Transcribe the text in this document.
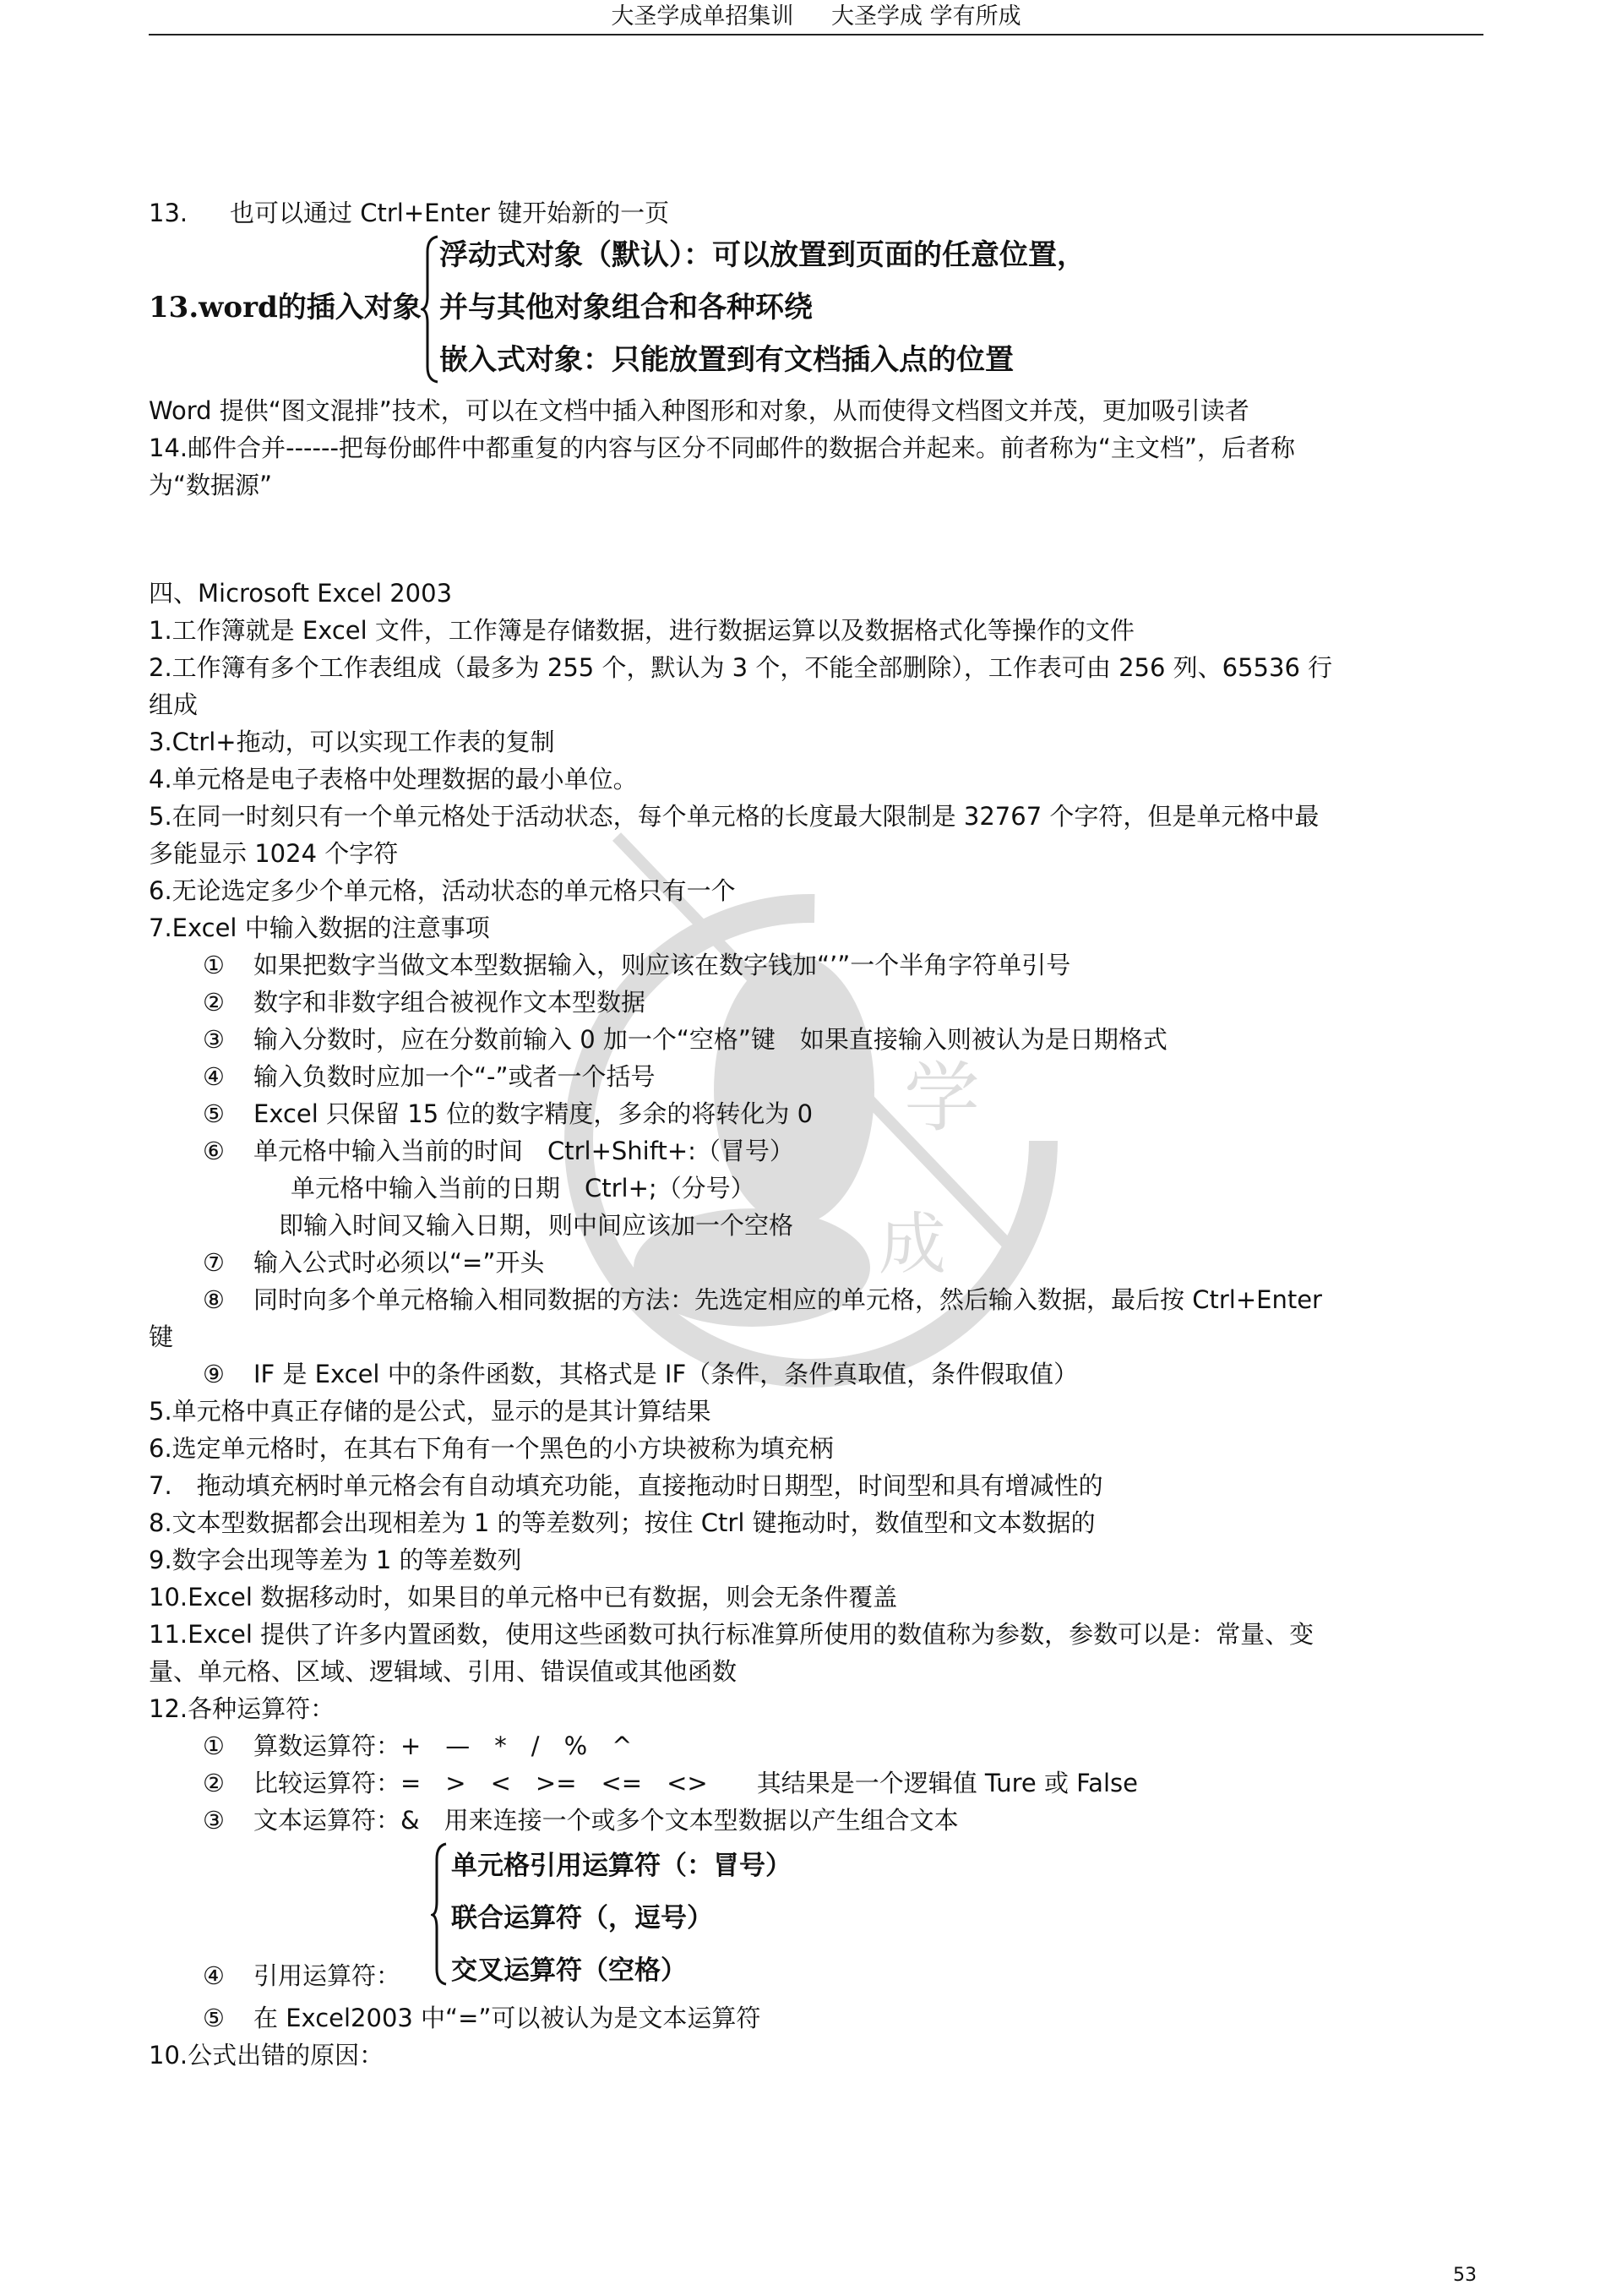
大圣学成单招集训 大圣学成 学有所成
学
成
13. 也可以通过 Ctrl+Enter 键开始新的一页
13.word的插入对象
浮动式对象（默认）：可以放置到页面的任意位置，
并与其他对象组合和各种环绕
嵌入式对象：只能放置到有文档插入点的位置
Word 提供“图文混排”技术，可以在文档中插入种图形和对象，从而使得文档图文并茂，更加吸引读者
14.邮件合并------把每份邮件中都重复的内容与区分不同邮件的数据合并起来。前者称为“主文档”，后者称
为“数据源”
四、Microsoft Excel 2003
1.工作簿就是 Excel 文件，工作簿是存储数据，进行数据运算以及数据格式化等操作的文件
2.工作簿有多个工作表组成（最多为 255 个，默认为 3 个，不能全部删除），工作表可由 256 列、65536 行
组成
3.Ctrl+拖动，可以实现工作表的复制
4.单元格是电子表格中处理数据的最小单位。
5.在同一时刻只有一个单元格处于活动状态，每个单元格的长度最大限制是 32767 个字符，但是单元格中最
多能显示 1024 个字符
6.无论选定多少个单元格，活动状态的单元格只有一个
7.Excel 中输入数据的注意事项
① 如果把数字当做文本型数据输入，则应该在数字钱加“’”一个半角字符单引号
② 数字和非数字组合被视作文本型数据
③ 输入分数时，应在分数前输入 0 加一个“空格”键　如果直接输入则被认为是日期格式
④ 输入负数时应加一个“-”或者一个括号
⑤ Excel 只保留 15 位的数字精度，多余的将转化为 0
⑥ 单元格中输入当前的时间　Ctrl+Shift+:（冒号）
单元格中输入当前的日期　Ctrl+;（分号）
即输入时间又输入日期，则中间应该加一个空格
⑦ 输入公式时必须以“=”开头
⑧ 同时向多个单元格输入相同数据的方法：先选定相应的单元格，然后输入数据，最后按 Ctrl+Enter
键
⑨ IF 是 Excel 中的条件函数，其格式是 IF（条件，条件真取值，条件假取值）
5.单元格中真正存储的是公式，显示的是其计算结果
6.选定单元格时，在其右下角有一个黑色的小方块被称为填充柄
7.　拖动填充柄时单元格会有自动填充功能，直接拖动时日期型，时间型和具有增减性的
8.文本型数据都会出现相差为 1 的等差数列；按住 Ctrl 键拖动时，数值型和文本数据的
9.数字会出现等差为 1 的等差数列
10.Excel 数据移动时，如果目的单元格中已有数据，则会无条件覆盖
11.Excel 提供了许多内置函数，使用这些函数可执行标准算所使用的数值称为参数，参数可以是：常量、变
量、单元格、区域、逻辑域、引用、错误值或其他函数
12.各种运算符：
① 算数运算符：+　—　*　/　%　^
② 比较运算符：=　>　<　>=　<=　<>　　其结果是一个逻辑值 Ture 或 False
③ 文本运算符：&　用来连接一个或多个文本型数据以产生组合文本
单元格引用运算符（：冒号）
联合运算符（，逗号）
交叉运算符（空格）
④ 引用运算符：
⑤ 在 Excel2003 中“=”可以被认为是文本运算符
10.公式出错的原因：
53
